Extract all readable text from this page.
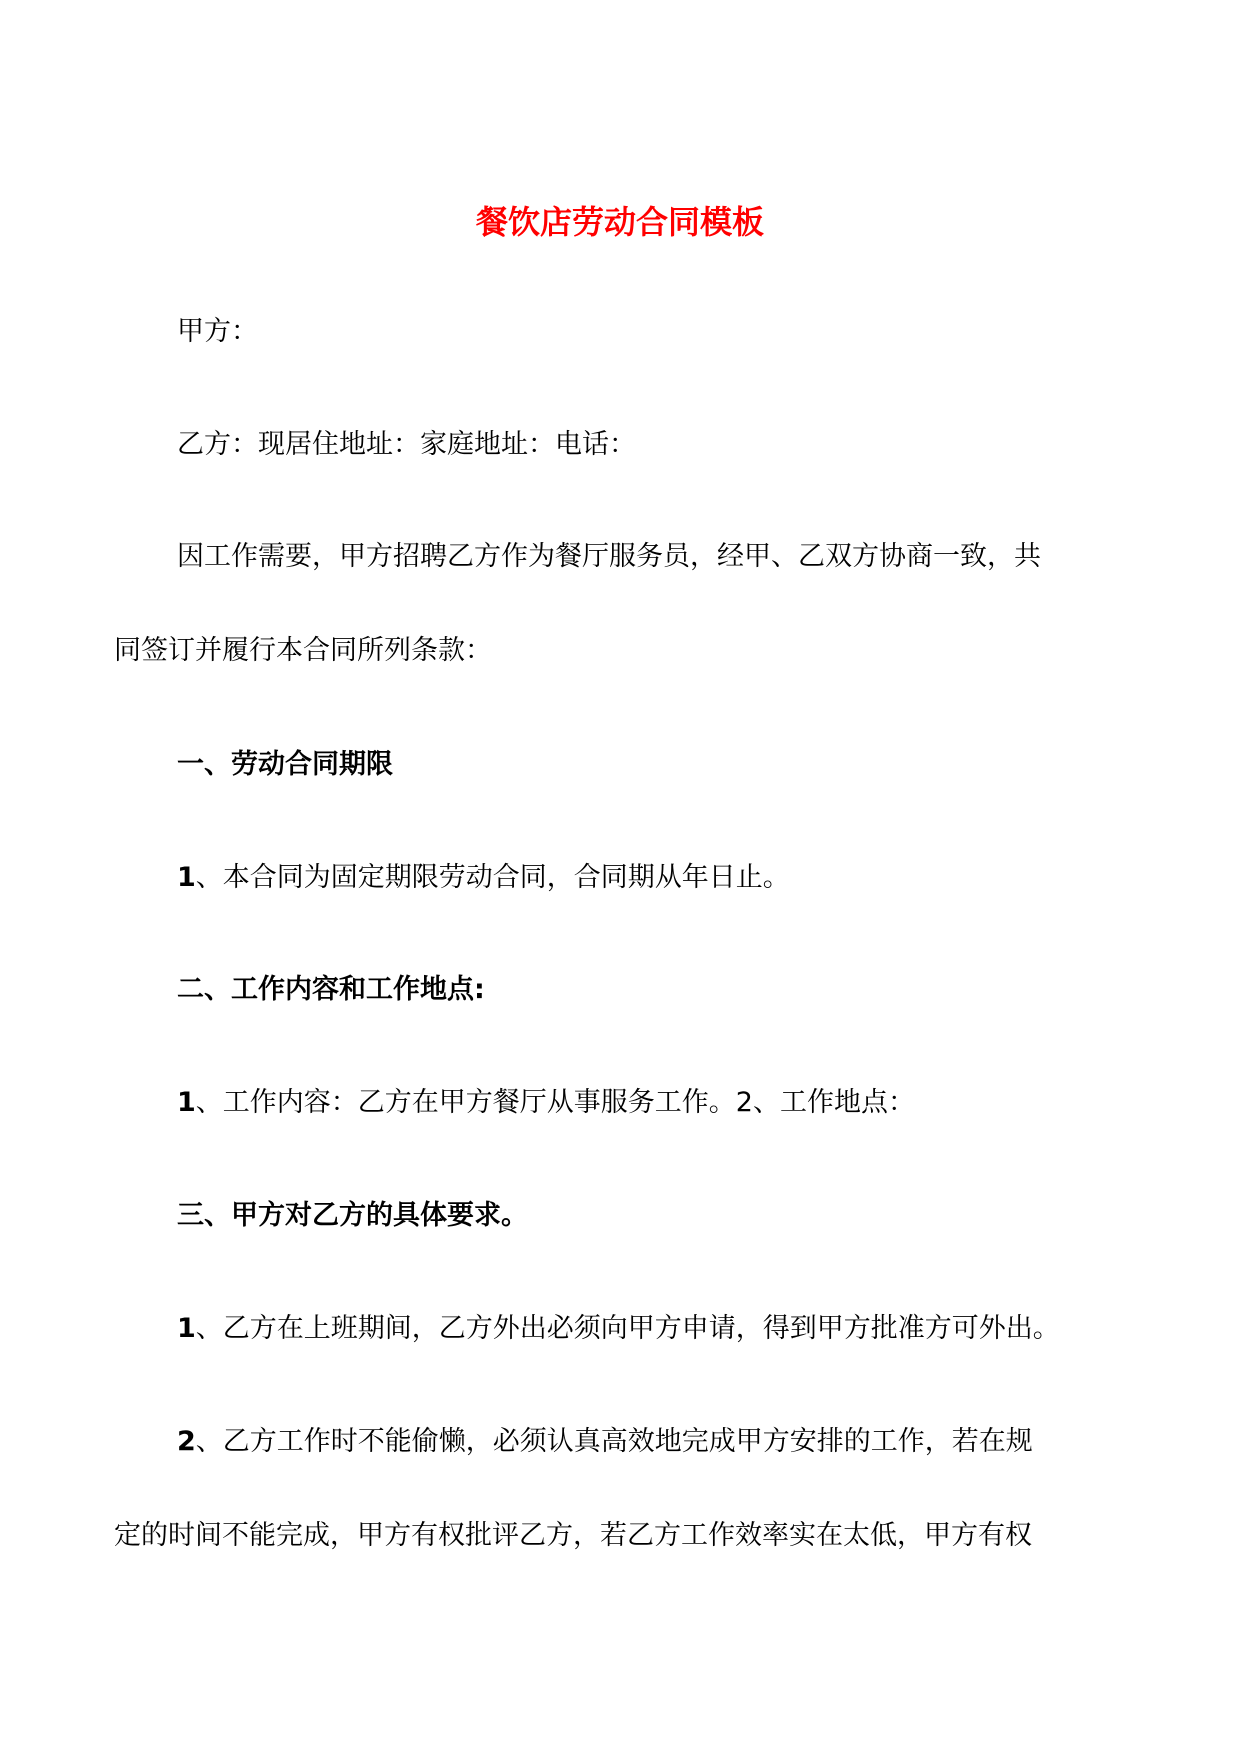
餐饮店劳动合同模板
甲方：
乙方：现居住地址：家庭地址：电话：
因工作需要，甲方招聘乙方作为餐厅服务员，经甲、乙双方协商一致，共
同签订并履行本合同所列条款：
一、劳动合同期限
1、本合同为固定期限劳动合同，合同期从年日止。
二、工作内容和工作地点:
1、工作内容：乙方在甲方餐厅从事服务工作。2、工作地点：
三、甲方对乙方的具体要求。
1、乙方在上班期间，乙方外出必须向甲方申请，得到甲方批准方可外出。
2、乙方工作时不能偷懒，必须认真高效地完成甲方安排的工作，若在规
定的时间不能完成，甲方有权批评乙方，若乙方工作效率实在太低，甲方有权
